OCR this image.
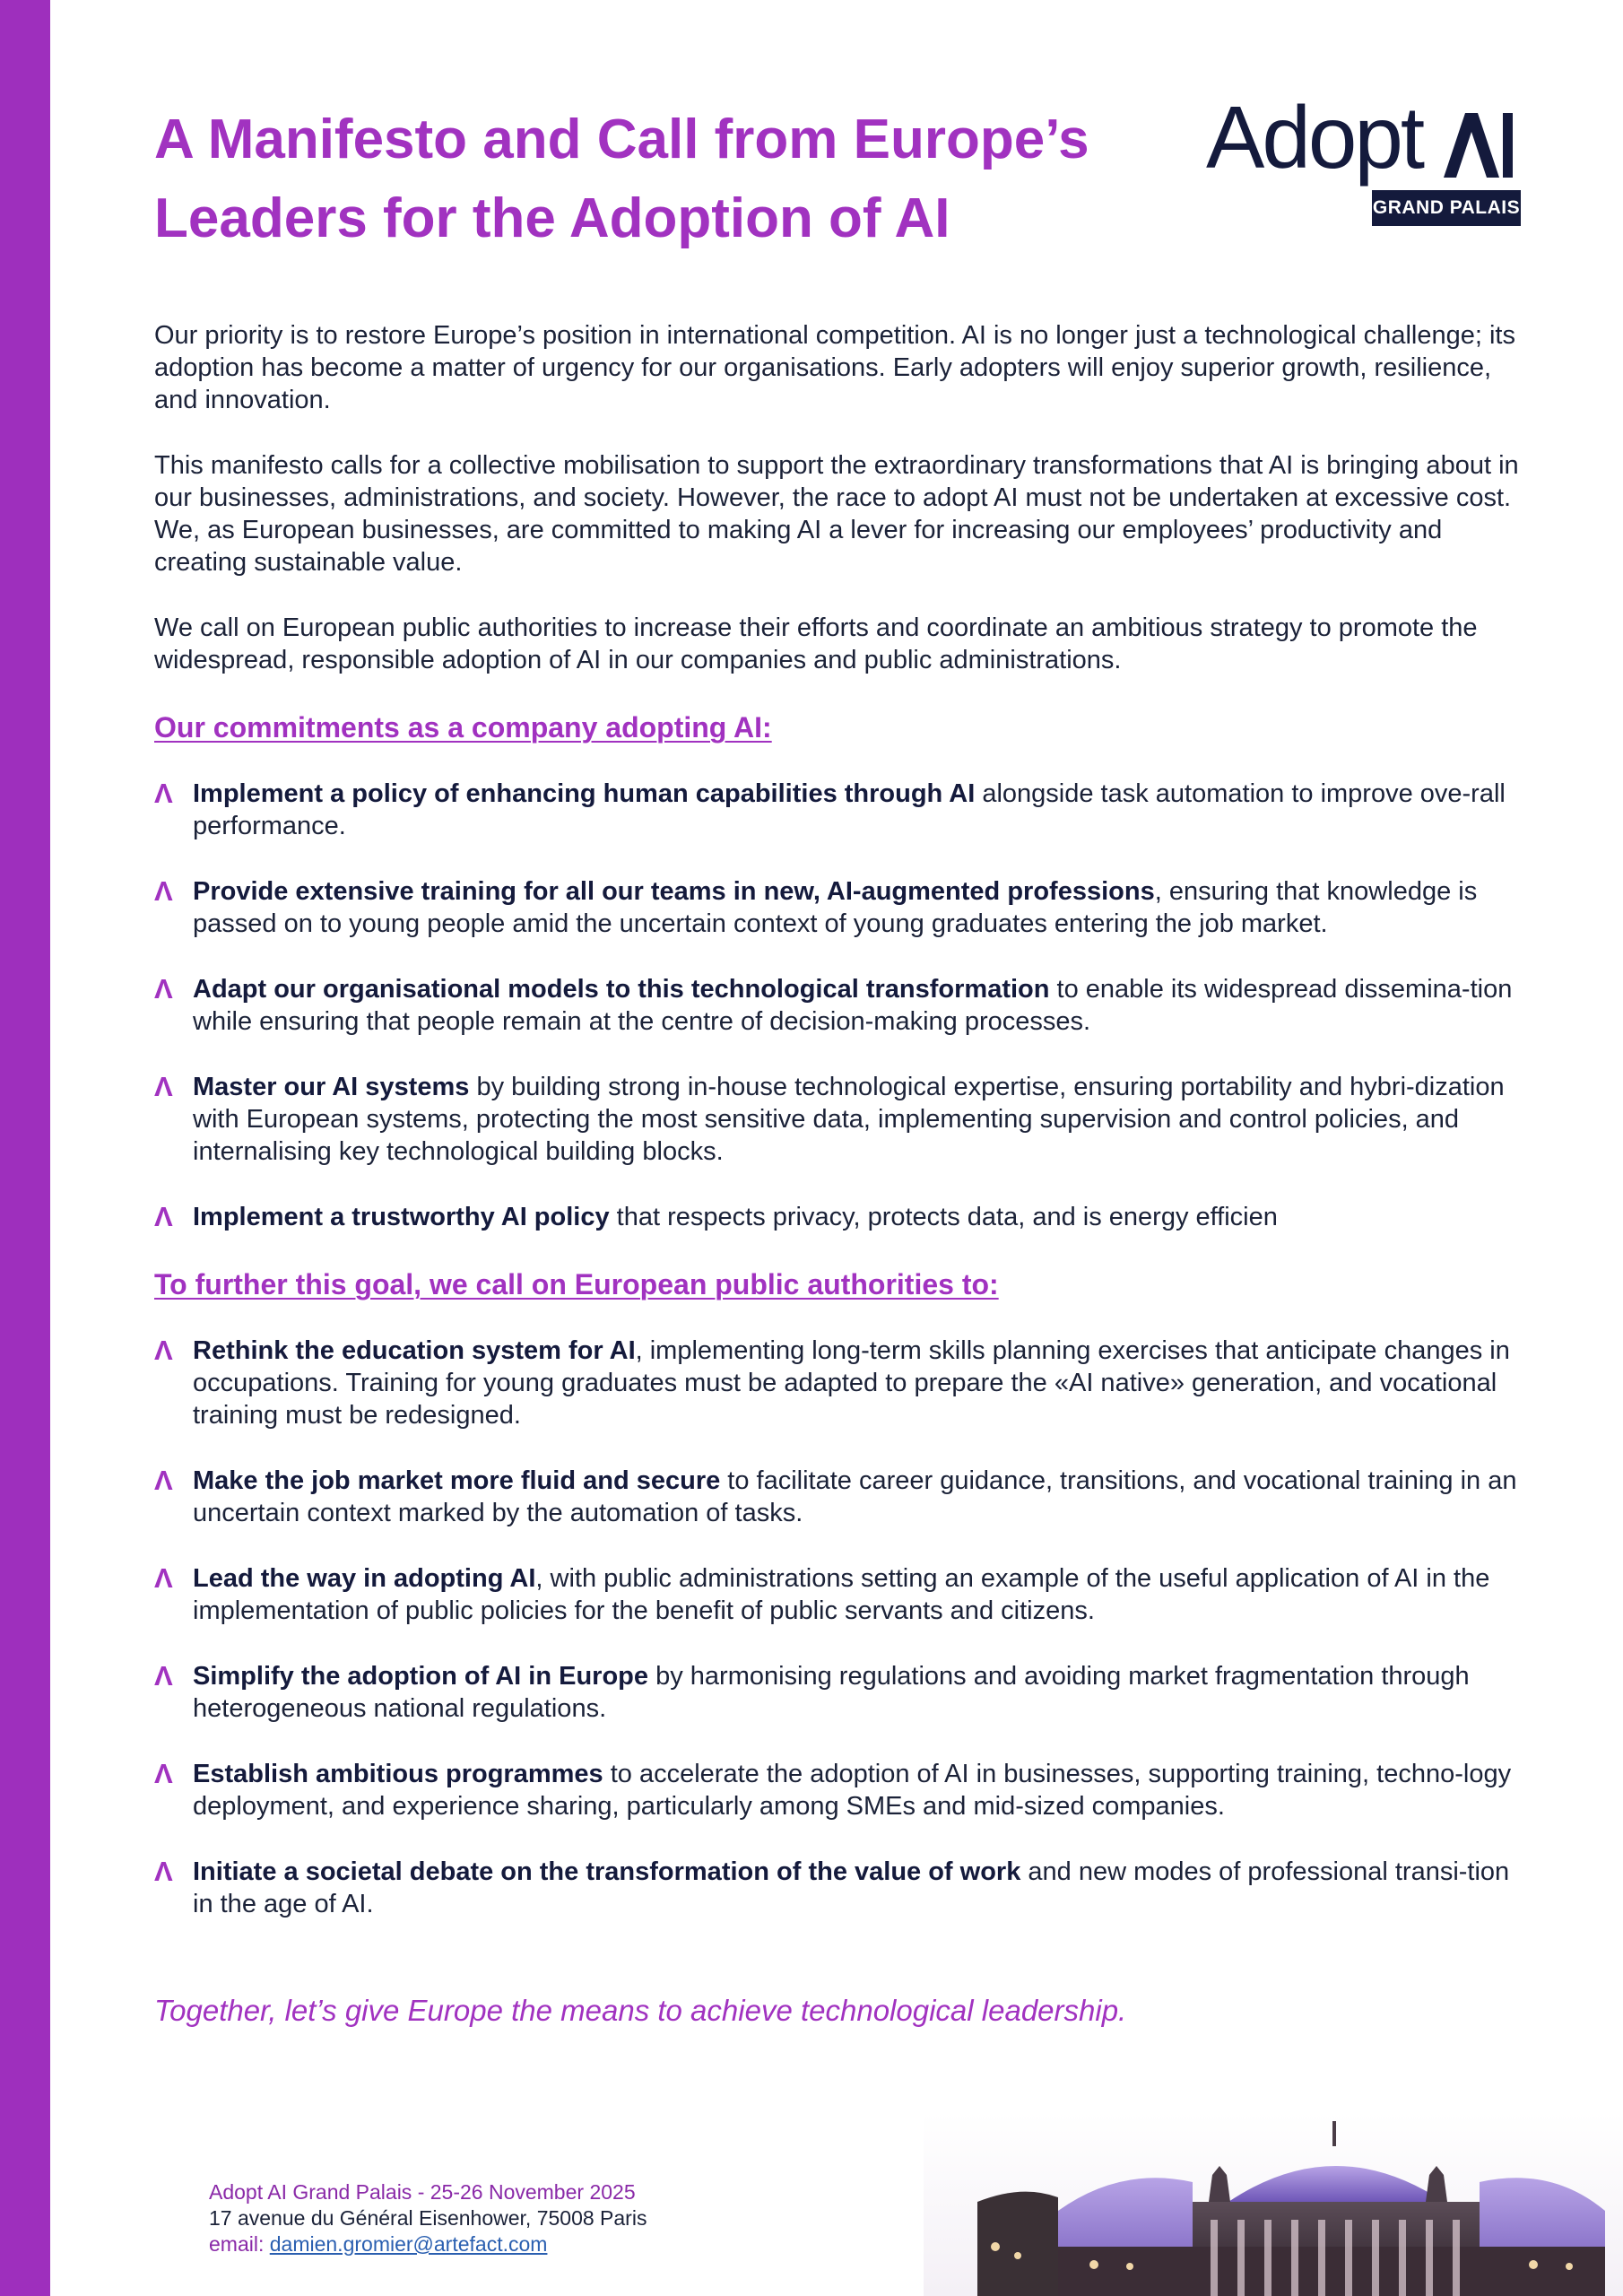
A Manifesto and Call from Europe’s
Leaders for the Adoption of AI
Adopt
GRAND PALAIS

Our priority is to restore Europe’s position in international competition. AI is no longer just a technological challenge; its adoption has become a matter of urgency for our organisations. Early adopters will enjoy superior growth, resilience, and innovation.

This manifesto calls for a collective mobilisation to support the extraordinary transformations that AI is bringing about in our businesses, administrations, and society. However, the race to adopt AI must not be undertaken at excessive cost. We, as European businesses, are committed to making AI a lever for increasing our employees’ productivity and creating sustainable value.

We call on European public authorities to increase their efforts and coordinate an ambitious strategy to promote the widespread, responsible adoption of AI in our companies and public administrations.

Our commitments as a company adopting AI:
Λ Implement a policy of enhancing human capabilities through AI alongside task automation to improve ove-rall performance.
Λ Provide extensive training for all our teams in new, AI-augmented professions, ensuring that knowledge is passed on to young people amid the uncertain context of young graduates entering the job market.
Λ Adapt our organisational models to this technological transformation to enable its widespread dissemina-tion while ensuring that people remain at the centre of decision-making processes.
Λ Master our AI systems by building strong in-house technological expertise, ensuring portability and hybri-dization with European systems, protecting the most sensitive data, implementing supervision and control policies, and internalising key technological building blocks.
Λ Implement a trustworthy AI policy that respects privacy, protects data, and is energy efficien
To further this goal, we call on European public authorities to:
Λ Rethink the education system for AI, implementing long-term skills planning exercises that anticipate changes in occupations. Training for young graduates must be adapted to prepare the «AI native» generation, and vocational training must be redesigned.
Λ Make the job market more fluid and secure to facilitate career guidance, transitions, and vocational training in an uncertain context marked by the automation of tasks.
Λ Lead the way in adopting AI, with public administrations setting an example of the useful application of AI in the implementation of public policies for the benefit of public servants and citizens.
Λ Simplify the adoption of AI in Europe by harmonising regulations and avoiding market fragmentation through heterogeneous national regulations.
Λ Establish ambitious programmes to accelerate the adoption of AI in businesses, supporting training, techno-logy deployment, and experience sharing, particularly among SMEs and mid-sized companies.
Λ Initiate a societal debate on the transformation of the value of work and new modes of professional transi-tion in the age of AI.

Together, let’s give Europe the means to achieve technological leadership.

Adopt AI Grand Palais - 25-26 November 2025
17 avenue du Général Eisenhower, 75008 Paris
email: damien.gromier@artefact.com
